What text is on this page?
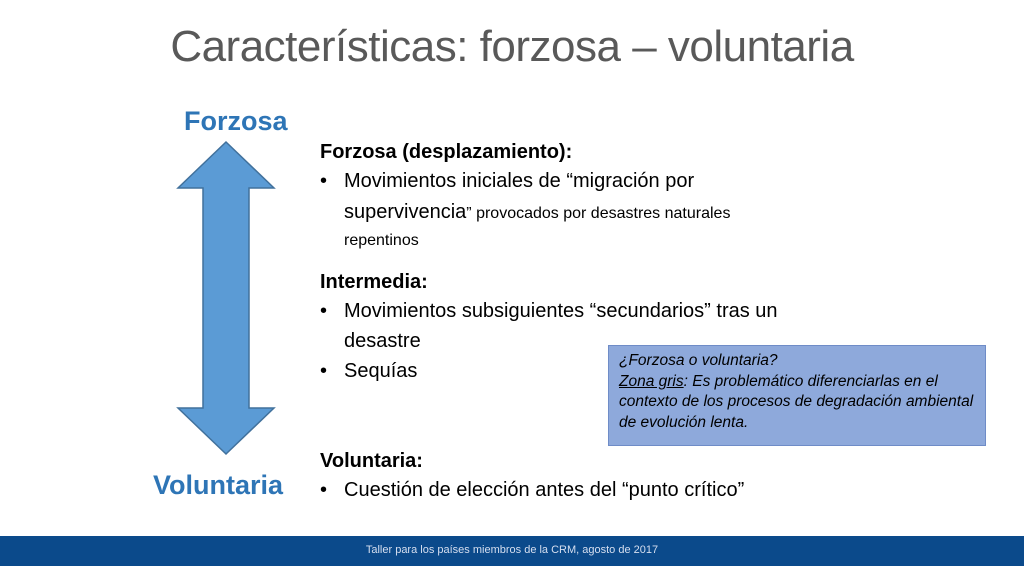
Características: forzosa – voluntaria
Forzosa
Voluntaria
Forzosa (desplazamiento):
• Movimientos iniciales de “migración por
supervivencia” provocados por desastres naturales
repentinos
Intermedia:
• Movimientos subsiguientes “secundarios” tras un
desastre
• Sequías
Voluntaria:
• Cuestión de elección antes del “punto crítico”
¿Forzosa o voluntaria?
Zona gris: Es problemático diferenciarlas en el contexto de los procesos de degradación ambiental de evolución lenta.
Taller para los países miembros de la CRM, agosto de 2017
